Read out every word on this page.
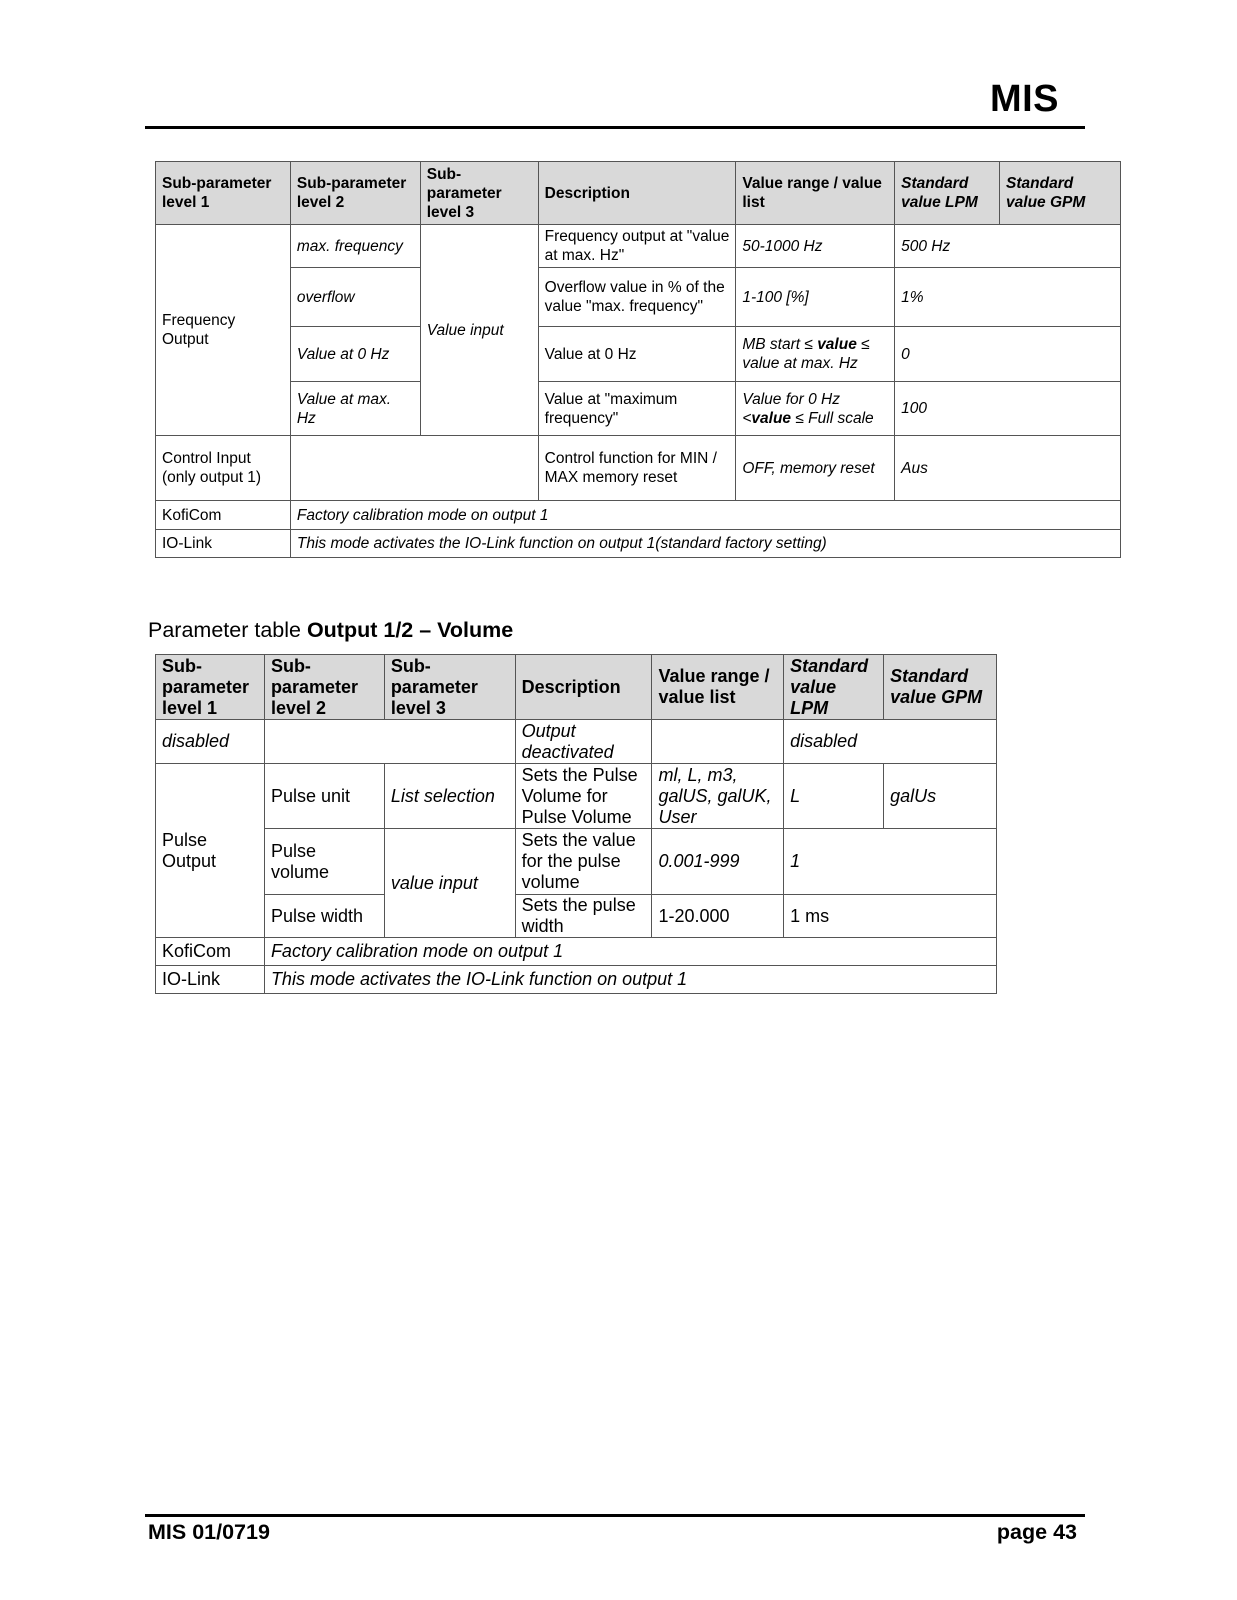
MIS
Sub-parameter level 1	Sub-parameter level 2	Sub-parameter level 3	Description	Value range / value list	Standard value LPM	Standard value GPM
Frequency Output	max. frequency	Value input	Frequency output at "value at max. Hz"	50-1000 Hz	500 Hz	
	overflow		Overflow value in % of the value "max. frequency"	1-100 [%]	1%	
	Value at 0 Hz		Value at 0 Hz	MB start ≤ value ≤ value at max. Hz	0	
	Value at max. Hz		Value at "maximum frequency"	Value for 0 Hz <value ≤ Full scale	100	
Control Input (only output 1)			Control function for MIN / MAX memory reset	OFF, memory reset	Aus	
KofiCom	Factory calibration mode on output 1					
IO-Link	This mode activates the IO-Link function on output 1(standard factory setting)					
Parameter table Output 1/2 – Volume
Sub-parameter level 1	Sub-parameter level 2	Sub-parameter level 3	Description	Value range / value list	Standard value LPM	Standard value GPM
disabled			Output deactivated		disabled	
Pulse Output	Pulse unit	List selection	Sets the Pulse Volume for Pulse Volume	ml, L, m3, galUS, galUK, User	L	galUs
	Pulse volume	value input	Sets the value for the pulse volume	0.001-999	1	
	Pulse width		Sets the pulse width	1-20.000	1 ms	
KofiCom	Factory calibration mode on output 1					
IO-Link	This mode activates the IO-Link function on output 1					
MIS 01/0719	page 43
